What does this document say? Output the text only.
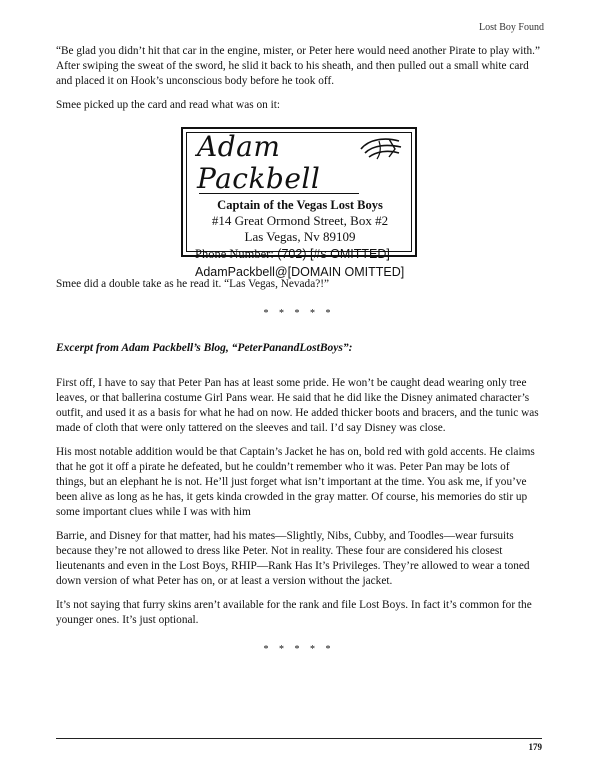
Lost Boy Found

“Be glad you didn’t hit that car in the engine, mister, or Peter here would need another Pirate to play with.” After swiping the sweat of the sword, he slid it back to his sheath, and then pulled out a small white card and placed it on Hook’s unconscious body before he took off.

Smee picked up the card and read what was on it:

Adam Packbell
Captain of the Vegas Lost Boys
#14 Great Ormond Street, Box #2
Las Vegas, Nv 89109
Phone Number: (702) [#s OMITTED]
AdamPackbell@[DOMAIN OMITTED]

Smee did a double take as he read it. “Las Vegas, Nevada?!”

* * * * *

Excerpt from Adam Packbell’s Blog, “PeterPanandLostBoys”:

First off, I have to say that Peter Pan has at least some pride. He won’t be caught dead wearing only tree leaves, or that ballerina costume Girl Pans wear. He said that he did like the Disney animated character’s outfit, and used it as a basis for what he had on now. He added thicker boots and bracers, and the tunic was made of cloth that were only tattered on the sleeves and tail. I’d say Disney was close.

His most notable addition would be that Captain’s Jacket he has on, bold red with gold accents. He claims that he got it off a pirate he defeated, but he couldn’t remember who it was. Peter Pan may be lots of things, but an elephant he is not. He’ll just forget what isn’t important at the time. You ask me, if you’ve been alive as long as he has, it gets kinda crowded in the gray matter. Of course, his memories do stir up some important clues while I was with him

Barrie, and Disney for that matter, had his mates—Slightly, Nibs, Cubby, and Toodles—wear fursuits because they’re not allowed to dress like Peter. Not in reality. These four are considered his closest lieutenants and even in the Lost Boys, RHIP—Rank Has It’s Privileges. They’re allowed to wear a toned down version of what Peter has on, or at least a version without the jacket.

It’s not saying that furry skins aren’t available for the rank and file Lost Boys. In fact it’s common for the younger ones. It’s just optional.

* * * * *
179
